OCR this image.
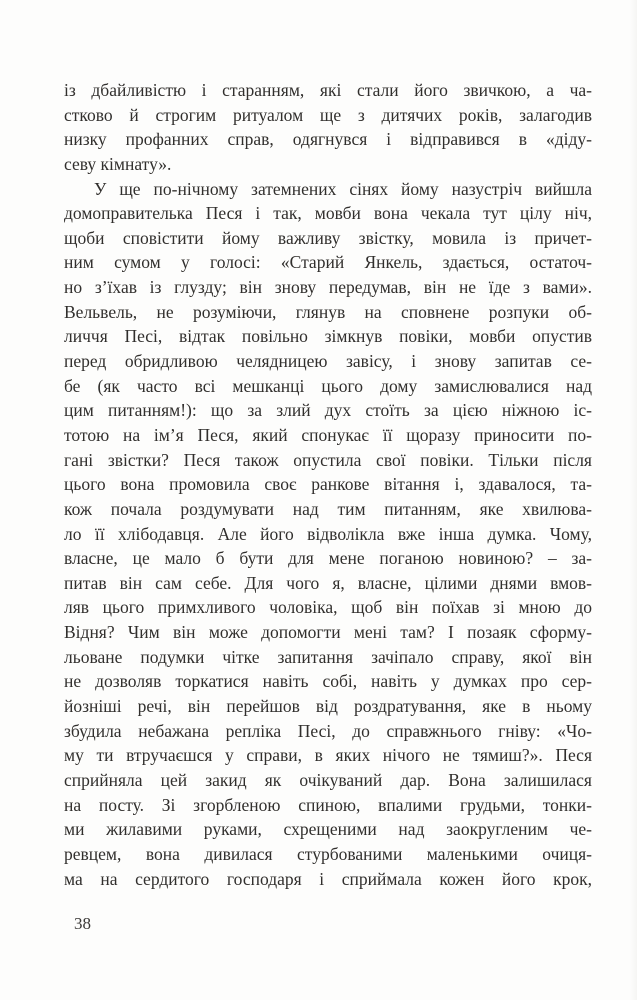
із дбайливістю і старанням, які стали його звичкою, а ча-
стково й строгим ритуалом ще з дитячих років, залагодив
низку профанних справ, одягнувся і відправився в «діду-
севу кімнату».
У ще по-нічному затемнених сінях йому назустріч вийшла
домоправителька Песя і так, мовби вона чекала тут цілу ніч,
щоби сповістити йому важливу звістку, мовила із причет-
ним сумом у голосі: «Старий Янкель, здається, остаточ-
но з’їхав із глузду; він знову передумав, він не їде з вами».
Вельвель, не розуміючи, глянув на сповнене розпуки об-
личчя Песі, відтак повільно зімкнув повіки, мовби опустив
перед обридливою челядницею завісу, і знову запитав се-
бе (як часто всі мешканці цього дому замислювалися над
цим питанням!): що за злий дух стоїть за цією ніжною іс-
тотою на ім’я Песя, який спонукає її щоразу приносити по-
гані звістки? Песя також опустила свої повіки. Тільки після
цього вона промовила своє ранкове вітання і, здавалося, та-
кож почала роздумувати над тим питанням, яке хвилюва-
ло її хлібодавця. Але його відволікла вже інша думка. Чому,
власне, це мало б бути для мене поганою новиною? – за-
питав він сам себе. Для чого я, власне, цілими днями вмов-
ляв цього примхливого чоловіка, щоб він поїхав зі мною до
Відня? Чим він може допомогти мені там? І позаяк сформу-
льоване подумки чітке запитання зачіпало справу, якої він
не дозволяв торкатися навіть собі, навіть у думках про сер-
йозніші речі, він перейшов від роздратування, яке в ньому
збудила небажана репліка Песі, до справжнього гніву: «Чо-
му ти втручаєшся у справи, в яких нічого не тямиш?». Песя
сприйняла цей закид як очікуваний дар. Вона залишилася
на посту. Зі згорбленою спиною, впалими грудьми, тонки-
ми жилавими руками, схрещеними над заокругленим че-
ревцем, вона дивилася стурбованими маленькими очиця-
ма на сердитого господаря і сприймала кожен його крок,
38
